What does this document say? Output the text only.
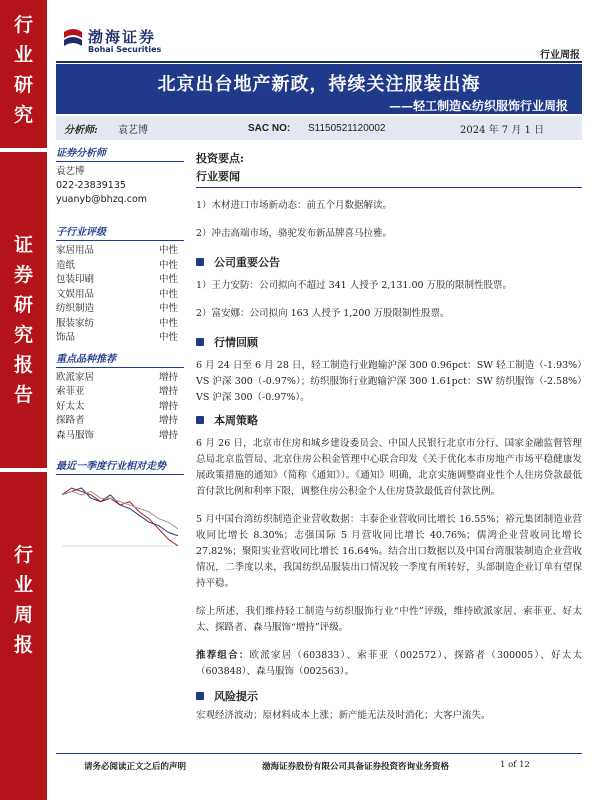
行
业
研
究
证
券
研
究
报
告
行
业
周
报
渤海证券
Bohai Securities
行业周报
北京出台地产新政，持续关注服装出海
——轻工制造&纺织服饰行业周报
分析师: 袁艺博	SAC NO: S1150521120002	2024 年 7 月 1 日
证券分析师
袁艺博
022-23839135
yuanyb@bhzq.com
子行业评级
家居用品	中性
造纸	中性
包装印刷	中性
文娱用品	中性
纺织制造	中性
服装家纺	中性
饰品	中性
重点品种推荐
欧派家居	增持
索菲亚	增持
好太太	增持
探路者	增持
森马服饰	增持
最近一季度行业相对走势
投资要点:
行业要闻

1）木材进口市场新动态：前五个月数据解读。

2）冲击高端市场，骆驼发布新品牌喜马拉雅。

公司重要公告

1）王力安防：公司拟向不超过 341 人授予 2,131.00 万股的限制性股票。

2）富安娜：公司拟向 163 人授予 1,200 万股限制性股票。

行情回顾

6 月 24 日至 6 月 28 日，轻工制造行业跑输沪深 300 0.96pct：SW 轻工制造（-1.93%）VS 沪深 300（-0.97%）；纺织服饰行业跑输沪深 300 1.61pct：SW 纺织服饰（-2.58%）VS 沪深 300（-0.97%）。

本周策略

6 月 26 日，北京市住房和城乡建设委员会、中国人民银行北京市分行、国家金融监督管理总局北京监管局、北京住房公积金管理中心联合印发《关于优化本市房地产市场平稳健康发展政策措施的通知》（简称《通知》）。《通知》明确，北京实施调整商业性个人住房贷款最低首付款比例和利率下限，调整住房公积金个人住房贷款最低首付款比例。

5 月中国台湾纺织制造企业营收数据：丰泰企业营收同比增长 16.55%；裕元集团制造业营收同比增长 8.30%；志强国际 5 月营收同比增长 40.76%；儒鸿企业营收同比增长 27.82%；聚阳实业营收同比增长 16.64%。结合出口数据以及中国台湾服装制造企业营收情况，二季度以来，我国纺织品服装出口情况较一季度有所转好，头部制造企业订单有望保持平稳。

综上所述，我们维持轻工制造与纺织服饰行业“中性”评级，维持欧派家居、索菲亚、好太太、探路者、森马服饰“增持”评级。

推荐组合：欧派家居（603833）、索菲亚（002572）、探路者（300005）、好太太（603848）、森马服饰（002563）。

风险提示

宏观经济波动；原材料成本上涨；新产能无法及时消化；大客户流失。

请务必阅读正文之后的声明	渤海证券股份有限公司具备证券投资咨询业务资格	1 of 12
